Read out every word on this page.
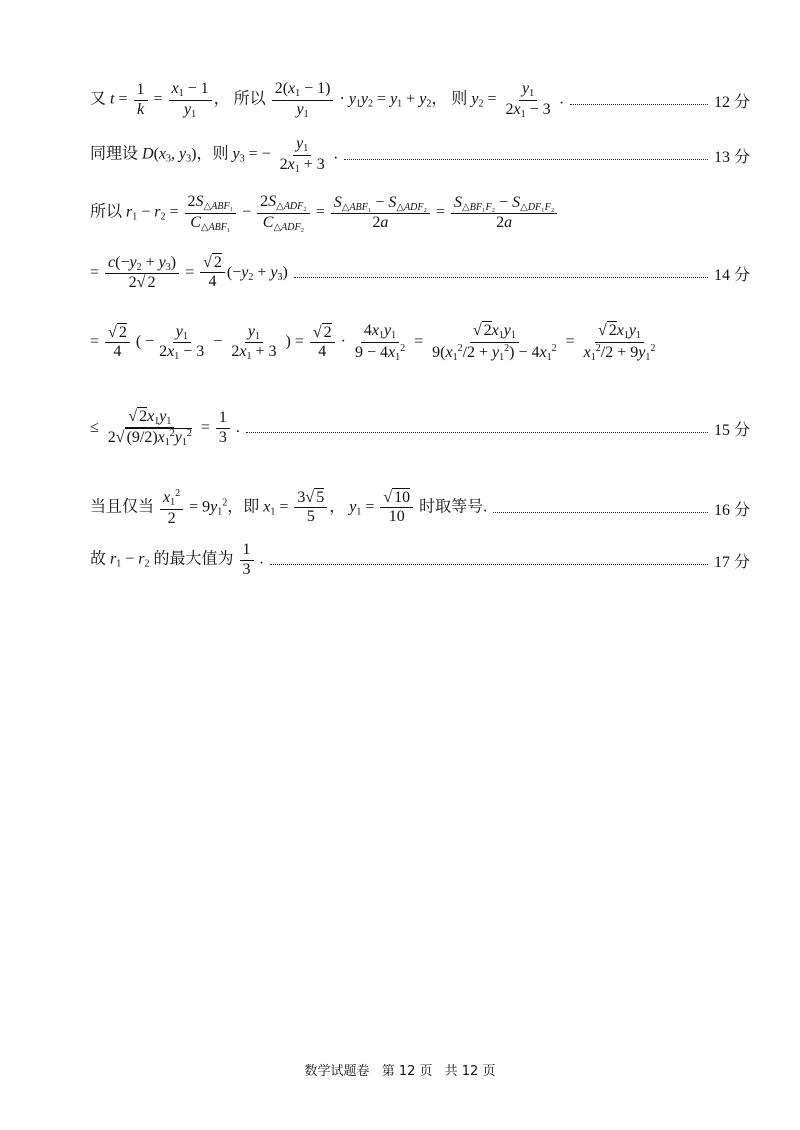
又 $t = \frac{1}{k} = \frac{x_1 - 1}{y_1}$ ， 所以 $\frac{2(x_1 - 1)}{y_1} \cdot y_1y_2 = y_1 + y_2$， 则 $y_2 = \frac{y_1}{2x_1 - 3}$ .	12 分
同理设 $D(x_3$, $y_3$)，则 $y_3$ = − $\frac{y_1}{2x_1 + 3}$ .	13 分
所以 $r_1 - r_2 = \frac{2S_{\triangle ABF_1}}{C_{\triangle ABF_1}} - \frac{2S_{\triangle ADF_2}}{C_{\triangle ADF_2}} = \frac{S_{\triangle ABF_1} - S_{\triangle ADF_2}}{2a} = \frac{S_{\triangle BF_1F_2} - S_{\triangle DF_1F_2}}{2a}$
= $\frac{c(-y_2 + y_3)}{2√ 2} = \frac{√ 2}{4} (-y_2 + y_3)$	14 分
= $\frac{√ 2}{4}$ ( − $\frac{y_1}{2x_1 - 3} - \frac{y_1}{2x_1 + 3}$ ) = $\frac{√ 2}{4} \cdot \frac{4x_1y_1}{9 - 4x_1^2} = \frac{√ 2x_1y_1}{9(x_1^2/2 + y_1^2) - 4x_1^2} = \frac{√ 2x_1y_1}{x_1^2/2 + 9y_1^2}$
≤ $\frac{√ 2x_1y_1}{2√ (9/2)x_1^2y_1^2} = \frac{1}{3}$ .	15 分
当且仅当 $\frac{x_1^2}{2} = 9y_1^2$，即 $x_1 = \frac{3√ 5}{5}$ ， $y_1 = \frac{√ 10}{10}$ 时取等号.	16 分
故 $r_1 - r_2$ 的最大值为 $\frac{1}{3}$ .	17 分
数学试题卷 第 12 页 共 12 页
